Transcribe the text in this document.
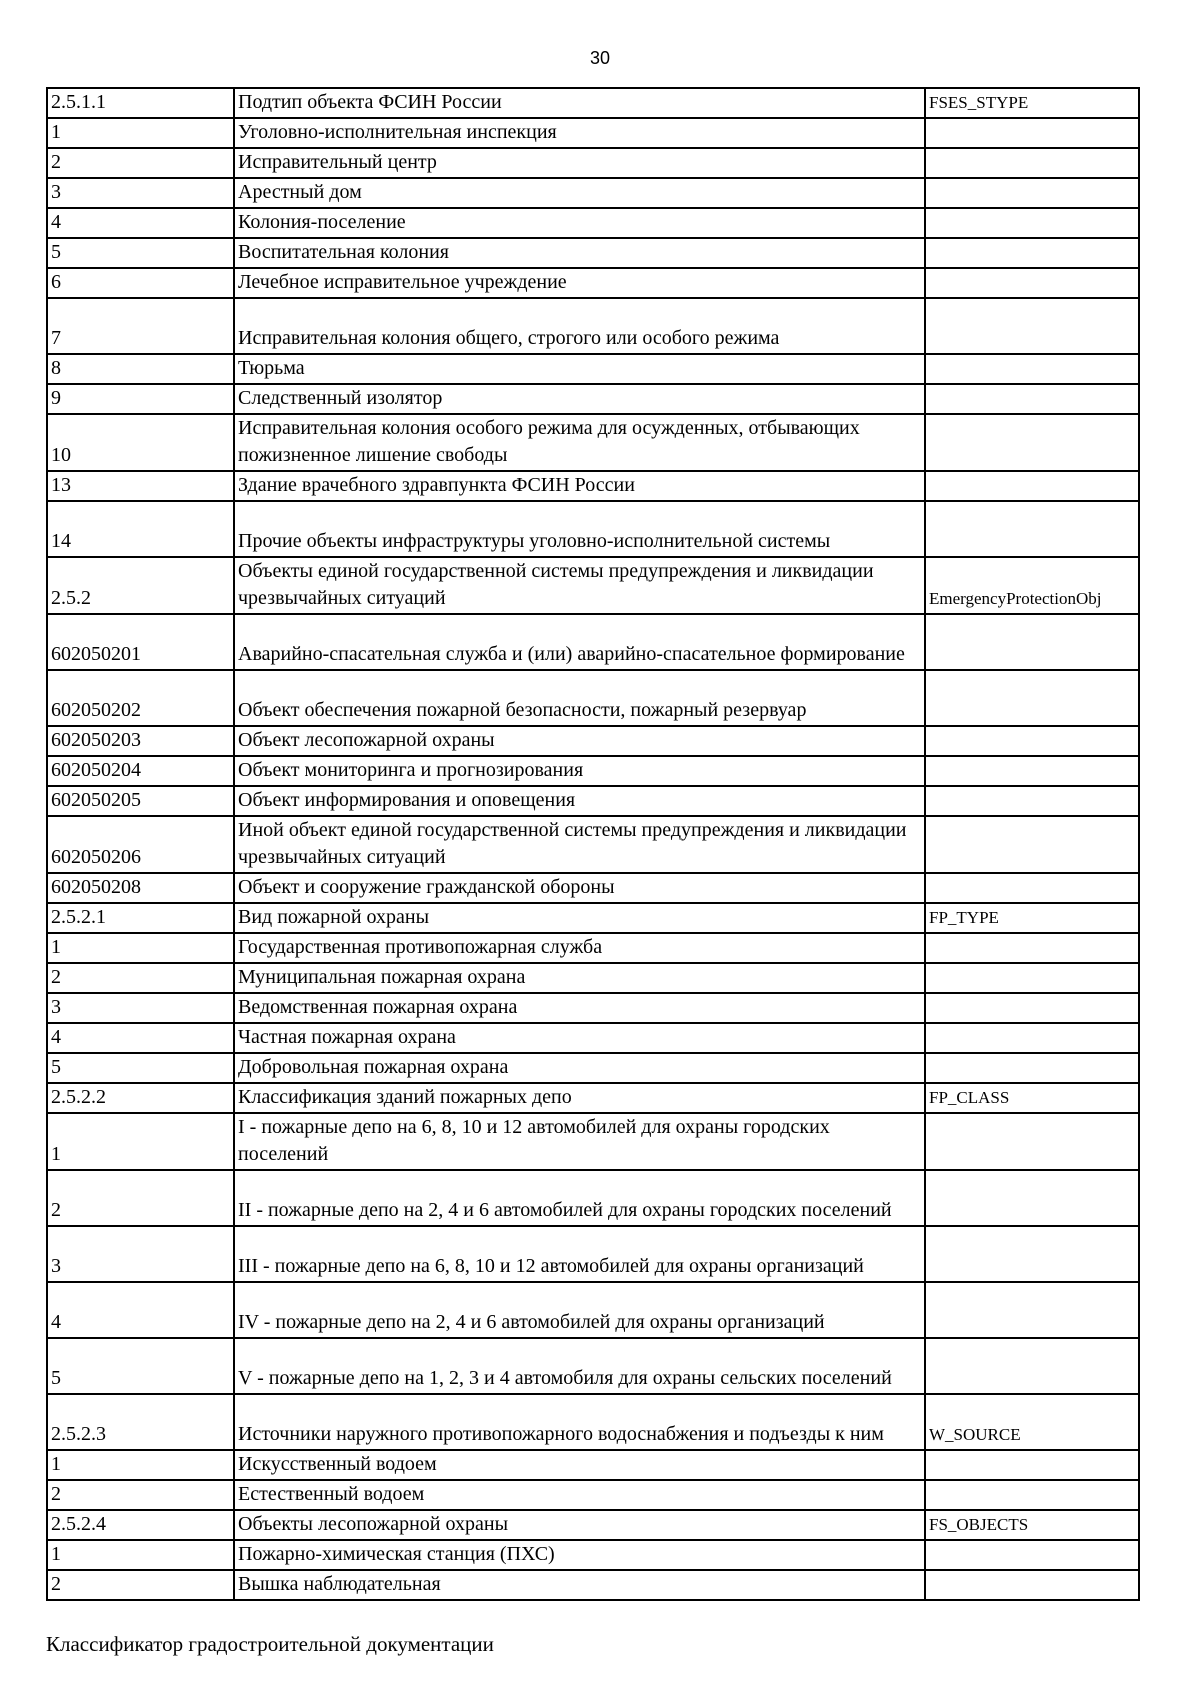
30
2.5.1.1	Подтип объекта ФСИН России	FSES_STYPE
1	Уголовно-исполнительная инспекция	
2	Исправительный центр	
3	Арестный дом	
4	Колония-поселение	
5	Воспитательная колония	
6	Лечебное исправительное учреждение	
7	Исправительная колония общего, строгого или особого режима	
8	Тюрьма	
9	Следственный изолятор	
10	Исправительная колония особого режима для осужденных, отбывающих пожизненное лишение свободы	
13	Здание врачебного здравпункта ФСИН России	
14	Прочие объекты инфраструктуры уголовно-исполнительной системы	
2.5.2	Объекты единой государственной системы предупреждения и ликвидации чрезвычайных ситуаций	EmergencyProtectionObj
602050201	Аварийно-спасательная служба и (или) аварийно-спасательное формирование	
602050202	Объект обеспечения пожарной безопасности, пожарный резервуар	
602050203	Объект лесопожарной охраны	
602050204	Объект мониторинга и прогнозирования	
602050205	Объект информирования и оповещения	
602050206	Иной объект единой государственной системы предупреждения и ликвидации чрезвычайных ситуаций	
602050208	Объект и сооружение гражданской обороны	
2.5.2.1	Вид пожарной охраны	FP_TYPE
1	Государственная противопожарная служба	
2	Муниципальная пожарная охрана	
3	Ведомственная пожарная охрана	
4	Частная пожарная охрана	
5	Добровольная пожарная охрана	
2.5.2.2	Классификация зданий пожарных депо	FP_CLASS
1	I - пожарные депо на 6, 8, 10 и 12 автомобилей для охраны городских поселений	
2	II - пожарные депо на 2, 4 и 6 автомобилей для охраны городских поселений	
3	III - пожарные депо на 6, 8, 10 и 12 автомобилей для охраны организаций	
4	IV - пожарные депо на 2, 4 и 6 автомобилей для охраны организаций	
5	V - пожарные депо на 1, 2, 3 и 4 автомобиля для охраны сельских поселений	
2.5.2.3	Источники наружного противопожарного водоснабжения и подъезды к ним	W_SOURCE
1	Искусственный водоем	
2	Естественный водоем	
2.5.2.4	Объекты лесопожарной охраны	FS_OBJECTS
1	Пожарно-химическая станция (ПХС)	
2	Вышка наблюдательная	
Классификатор градостроительной документации
